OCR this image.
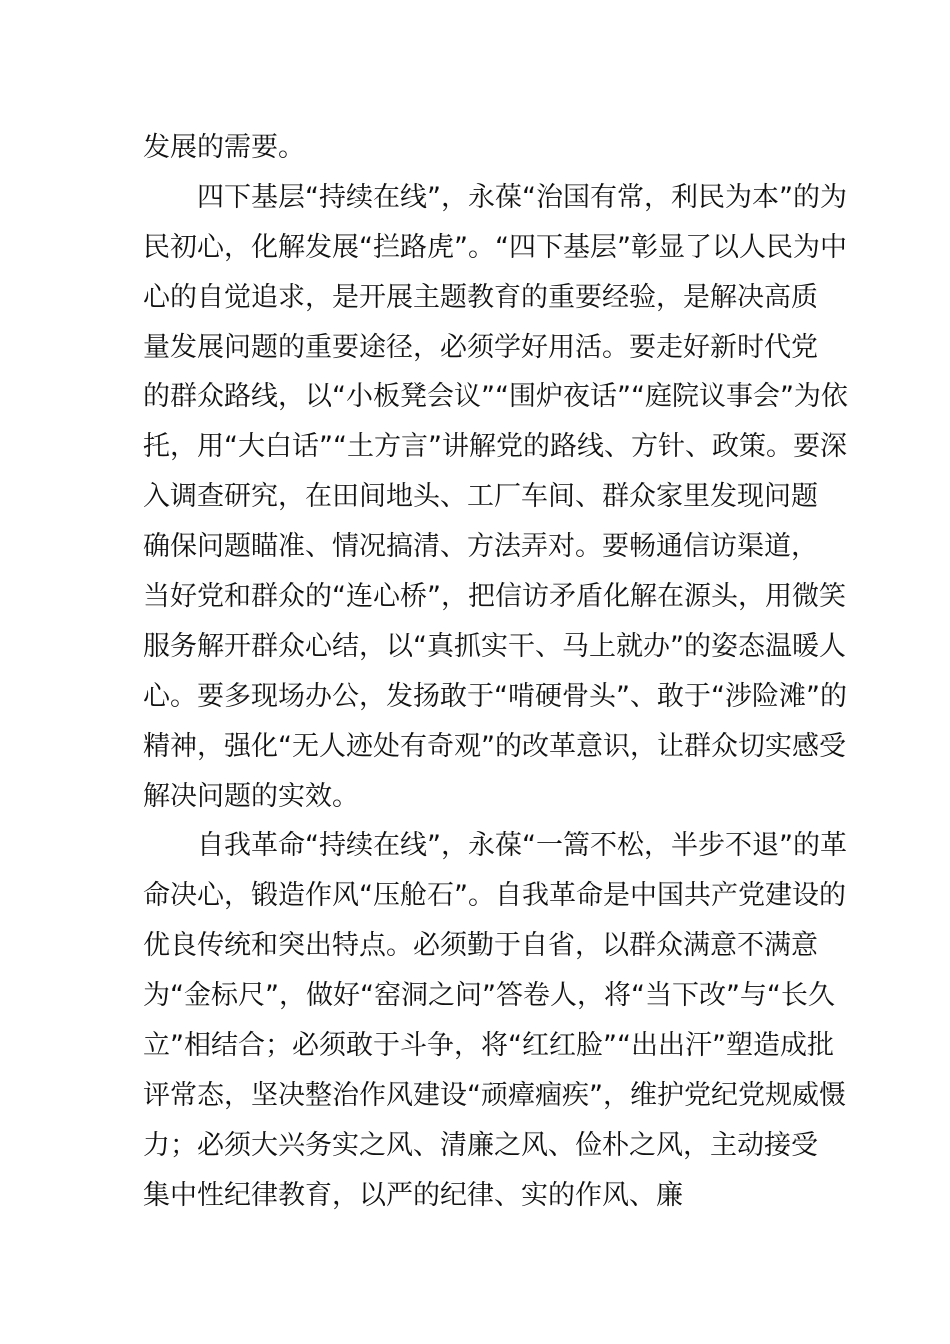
发展的需要。
四下基层“持续在线”，永葆“治国有常，利民为本”的为
民初心，化解发展“拦路虎”。“四下基层”彰显了以人民为中
心的自觉追求，是开展主题教育的重要经验，是解决高质
量发展问题的重要途径，必须学好用活。要走好新时代党
的群众路线，以“小板凳会议”“围炉夜话”“庭院议事会”为依
托，用“大白话”“土方言”讲解党的路线、方针、政策。要深
入调查研究，在田间地头、工厂车间、群众家里发现问题
确保问题瞄准、情况搞清、方法弄对。要畅通信访渠道，
当好党和群众的“连心桥”，把信访矛盾化解在源头，用微笑
服务解开群众心结，以“真抓实干、马上就办”的姿态温暖人
心。要多现场办公，发扬敢于“啃硬骨头”、敢于“涉险滩”的
精神，强化“无人迹处有奇观”的改革意识，让群众切实感受
解决问题的实效。
自我革命“持续在线”，永葆“一篙不松，半步不退”的革
命决心，锻造作风“压舱石”。自我革命是中国共产党建设的
优良传统和突出特点。必须勤于自省，以群众满意不满意
为“金标尺”，做好“窑洞之问”答卷人，将“当下改”与“长久
立”相结合；必须敢于斗争，将“红红脸”“出出汗”塑造成批
评常态，坚决整治作风建设“顽瘴痼疾”，维护党纪党规威慑
力；必须大兴务实之风、清廉之风、俭朴之风，主动接受
集中性纪律教育，以严的纪律、实的作风、廉
